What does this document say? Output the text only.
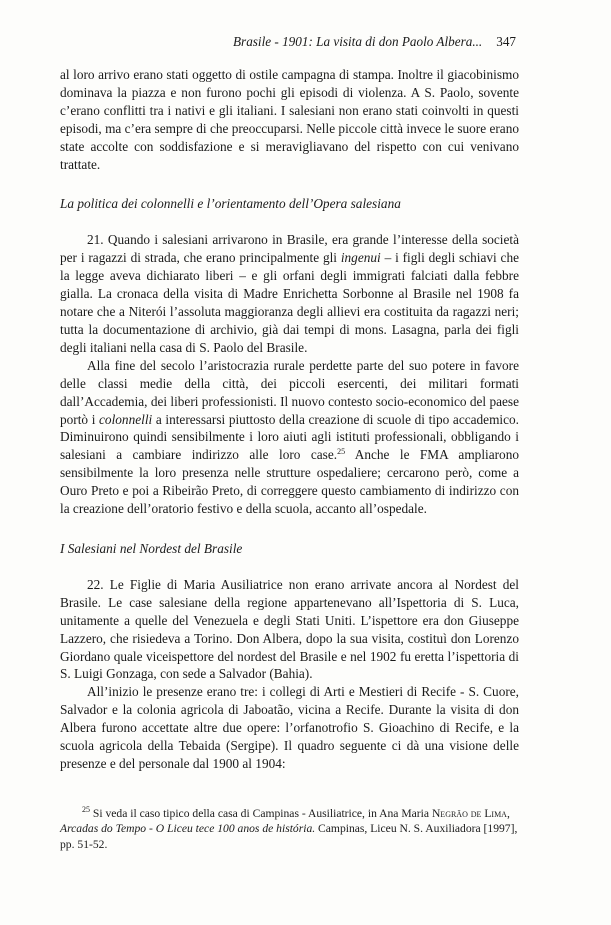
Brasile - 1901: La visita di don Paolo Albera... 347

al loro arrivo erano stati oggetto di ostile campagna di stampa. Inoltre il giacobinismo dominava la piazza e non furono pochi gli episodi di violenza. A S. Paolo, sovente c’erano conflitti tra i nativi e gli italiani. I salesiani non erano stati coinvolti in questi episodi, ma c’era sempre di che preoccuparsi. Nelle piccole città invece le suore erano state accolte con soddisfazione e si meravigliavano del rispetto con cui venivano trattate.

La politica dei colonnelli e l’orientamento dell’Opera salesiana

21. Quando i salesiani arrivarono in Brasile, era grande l’interesse della società per i ragazzi di strada, che erano principalmente gli ingenui – i figli degli schiavi che la legge aveva dichiarato liberi – e gli orfani degli immigrati falciati dalla febbre gialla. La cronaca della visita di Madre Enrichetta Sorbonne al Brasile nel 1908 fa notare che a Niterói l’assoluta maggioranza degli allievi era costituita da ragazzi neri; tutta la documentazione di archivio, già dai tempi di mons. Lasagna, parla dei figli degli italiani nella casa di S. Paolo del Brasile.

Alla fine del secolo l’aristocrazia rurale perdette parte del suo potere in favore delle classi medie della città, dei piccoli esercenti, dei militari formati dall’Accademia, dei liberi professionisti. Il nuovo contesto socio-economico del paese portò i colonnelli a interessarsi piuttosto della creazione di scuole di tipo accademico. Diminuirono quindi sensibilmente i loro aiuti agli istituti professionali, obbligando i salesiani a cambiare indirizzo alle loro case.$^{25}$ Anche le FMA ampliarono sensibilmente la loro presenza nelle strutture ospedaliere; cercarono però, come a Ouro Preto e poi a Ribeirão Preto, di correggere questo cambiamento di indirizzo con la creazione dell’oratorio festivo e della scuola, accanto all’ospedale.

I Salesiani nel Nordest del Brasile

22. Le Figlie di Maria Ausiliatrice non erano arrivate ancora al Nordest del Brasile. Le case salesiane della regione appartenevano all’Ispettoria di S. Luca, unitamente a quelle del Venezuela e degli Stati Uniti. L’ispettore era don Giuseppe Lazzero, che risiedeva a Torino. Don Albera, dopo la sua visita, costituì don Lorenzo Giordano quale viceispettore del nordest del Brasile e nel 1902 fu eretta l’ispettoria di S. Luigi Gonzaga, con sede a Salvador (Bahia).

All’inizio le presenze erano tre: i collegi di Arti e Mestieri di Recife - S. Cuore, Salvador e la colonia agricola di Jaboatão, vicina a Recife. Durante la visita di don Albera furono accettate altre due opere: l’orfanotrofio S. Gioachino di Recife, e la scuola agricola della Tebaida (Sergipe). Il quadro seguente ci dà una visione delle presenze e del personale dal 1900 al 1904:

$^{25}$ Si veda il caso tipico della casa di Campinas - Ausiliatrice, in Ana Maria Negrão de Lima, Arcadas do Tempo - O Liceu tece 100 anos de história. Campinas, Liceu N. S. Auxiliadora [1997], pp. 51-52.
